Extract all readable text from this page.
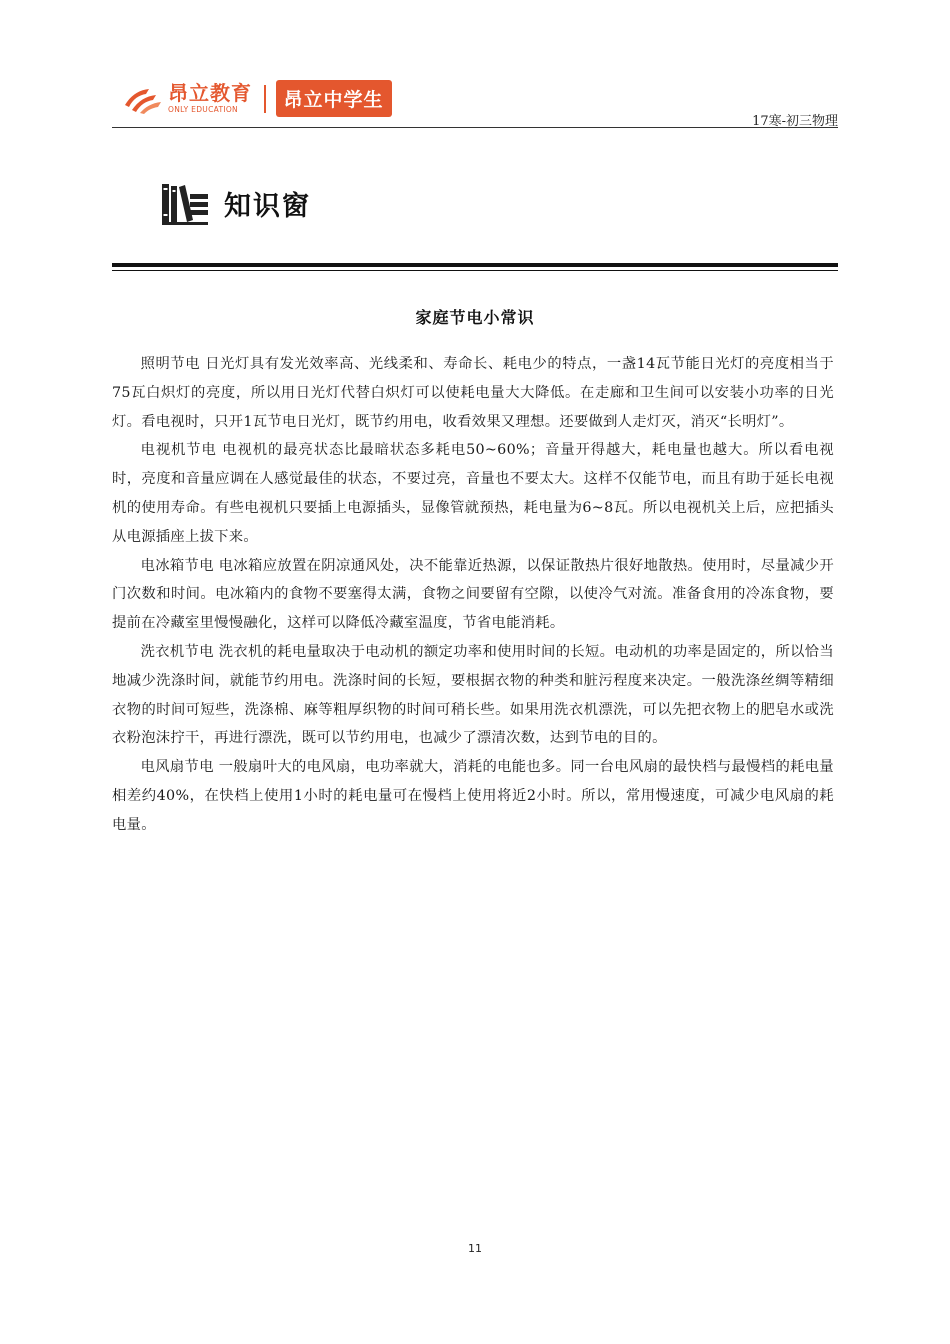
昂立教育
ONLY EDUCATION	昂立中学生
17寒-初三物理
知识窗
家庭节电小常识

照明节电 日光灯具有发光效率高、光线柔和、寿命长、耗电少的特点，一盏14瓦节能日光灯的亮度相当于75瓦白炽灯的亮度，所以用日光灯代替白炽灯可以使耗电量大大降低。在走廊和卫生间可以安装小功率的日光灯。看电视时，只开1瓦节电日光灯，既节约用电，收看效果又理想。还要做到人走灯灭，消灭“长明灯”。

电视机节电 电视机的最亮状态比最暗状态多耗电50~60%；音量开得越大，耗电量也越大。所以看电视时，亮度和音量应调在人感觉最佳的状态，不要过亮，音量也不要太大。这样不仅能节电，而且有助于延长电视机的使用寿命。有些电视机只要插上电源插头，显像管就预热，耗电量为6~8瓦。所以电视机关上后，应把插头从电源插座上拔下来。

电冰箱节电 电冰箱应放置在阴凉通风处，决不能靠近热源，以保证散热片很好地散热。使用时，尽量减少开门次数和时间。电冰箱内的食物不要塞得太满，食物之间要留有空隙，以使冷气对流。准备食用的冷冻食物，要提前在冷藏室里慢慢融化，这样可以降低冷藏室温度，节省电能消耗。

洗衣机节电 洗衣机的耗电量取决于电动机的额定功率和使用时间的长短。电动机的功率是固定的，所以恰当地减少洗涤时间，就能节约用电。洗涤时间的长短，要根据衣物的种类和脏污程度来决定。一般洗涤丝绸等精细衣物的时间可短些，洗涤棉、麻等粗厚织物的时间可稍长些。如果用洗衣机漂洗，可以先把衣物上的肥皂水或洗衣粉泡沫拧干，再进行漂洗，既可以节约用电，也减少了漂清次数，达到节电的目的。

电风扇节电 一般扇叶大的电风扇，电功率就大，消耗的电能也多。同一台电风扇的最快档与最慢档的耗电量相差约40%，在快档上使用1小时的耗电量可在慢档上使用将近2小时。所以，常用慢速度，可减少电风扇的耗电量。

11
